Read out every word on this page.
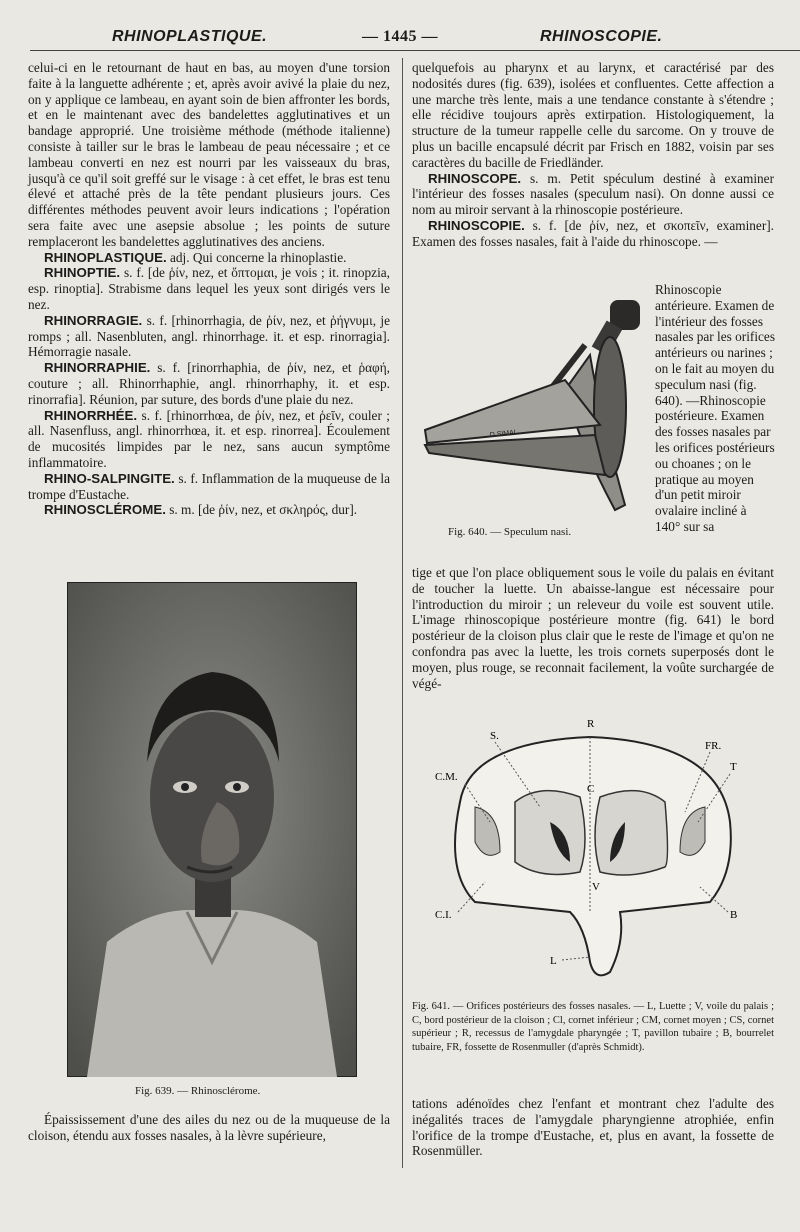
RHINOPLASTIQUE.	— 1445 —	RHINOSCOPIE.

celui-ci en le retournant de haut en bas, au moyen d'une torsion faite à la languette adhérente ; et, après avoir avivé la plaie du nez, on y applique ce lambeau, en ayant soin de bien affronter les bords, et en le maintenant avec des bandelettes agglutinatives et un bandage approprié. Une troisième méthode (méthode italienne) consiste à tailler sur le bras le lambeau de peau nécessaire ; et ce lambeau converti en nez est nourri par les vaisseaux du bras, jusqu'à ce qu'il soit greffé sur le visage : à cet effet, le bras est tenu élevé et attaché près de la tête pendant plusieurs jours. Ces différentes méthodes peuvent avoir leurs indications ; l'opération sera faite avec une asepsie absolue ; les points de suture remplaceront les bandelettes agglutinatives des anciens.

RHINOPLASTIQUE. adj. Qui concerne la rhinoplastie.

RHINOPTIE. s. f. [de ῥίν, nez, et ὄπτομαι, je vois ; it. rinopzia, esp. rinoptia]. Strabisme dans lequel les yeux sont dirigés vers le nez.

RHINORRAGIE. s. f. [rhinorrhagia, de ῥίν, nez, et ῥήγνυμι, je romps ; all. Nasenbluten, angl. rhinorrhage. it. et esp. rinorragia]. Hémorragie nasale.

RHINORRAPHIE. s. f. [rinorrhaphia, de ῥίν, nez, et ῥαφή, couture ; all. Rhinorrhaphie, angl. rhinorrhaphy, it. et esp. rinorrafia]. Réunion, par suture, des bords d'une plaie du nez.

RHINORRHÉE. s. f. [rhinorrhœa, de ῥίν, nez, et ῥεῖν, couler ; all. Nasenfluss, angl. rhinorrhœa, it. et esp. rinorrea]. Écoulement de mucosités limpides par le nez, sans aucun symptôme inflammatoire.

RHINO-SALPINGITE. s. f. Inflammation de la muqueuse de la trompe d'Eustache.

RHINOSCLÉROME. s. m. [de ῥίν, nez, et σκληρός, dur].

Fig. 639. — Rhinosclérome.

Épaississement d'une des ailes du nez ou de la muqueuse de la cloison, étendu aux fosses nasales, à la lèvre supérieure,

quelquefois au pharynx et au larynx, et caractérisé par des nodosités dures (fig. 639), isolées et confluentes. Cette affection a une marche très lente, mais a une tendance constante à s'étendre ; elle récidive toujours après extirpation. Histologiquement, la structure de la tumeur rappelle celle du sarcome. On y trouve de plus un bacille encapsulé décrit par Frisch en 1882, voisin par ses caractères du bacille de Friedländer.

RHINOSCOPE. s. m. Petit spéculum destiné à examiner l'intérieur des fosses nasales (speculum nasi). On donne aussi ce nom au miroir servant à la rhinoscopie postérieure.

RHINOSCOPIE. s. f. [de ῥίν, nez, et σκοπεῖν, examiner]. Examen des fosses nasales, fait à l'aide du rhinoscope. —

D.SIMAL
Fig. 640. — Speculum nasi.

Rhinoscopie antérieure. Examen de l'intérieur des fosses nasales par les orifices antérieurs ou narines ; on le fait au moyen du speculum nasi (fig. 640). —Rhinoscopie postérieure. Examen des fosses nasales par les orifices postérieurs ou choanes ; on le pratique au moyen d'un petit miroir ovalaire incliné à 140° sur sa

tige et que l'on place obliquement sous le voile du palais en évitant de toucher la luette. Un abaisse-langue est nécessaire pour l'introduction du miroir ; un releveur du voile est souvent utile. L'image rhinoscopique postérieure montre (fig. 641) le bord postérieur de la cloison plus clair que le reste de l'image et qu'on ne confondra pas avec la luette, les trois cornets superposés dont le moyen, plus rouge, se reconnait facilement, la voûte surchargée de végé-

R
S.
FR.
T
C.M.
C
V
C.I.	B
L

Fig. 641. — Orifices postérieurs des fosses nasales. — L, Luette ; V, voile du palais ; C, bord postérieur de la cloison ; Cl, cornet inférieur ; CM, cornet moyen ; CS, cornet supérieur ; R, recessus de l'amygdale pharyngée ; T, pavillon tubaire ; B, bourrelet tubaire, FR, fossette de Rosenmuller (d'après Schmidt).

tations adénoïdes chez l'enfant et montrant chez l'adulte des inégalités traces de l'amygdale pharyngienne atrophiée, enfin l'orifice de la trompe d'Eustache, et, plus en avant, la fossette de Rosenmüller.
